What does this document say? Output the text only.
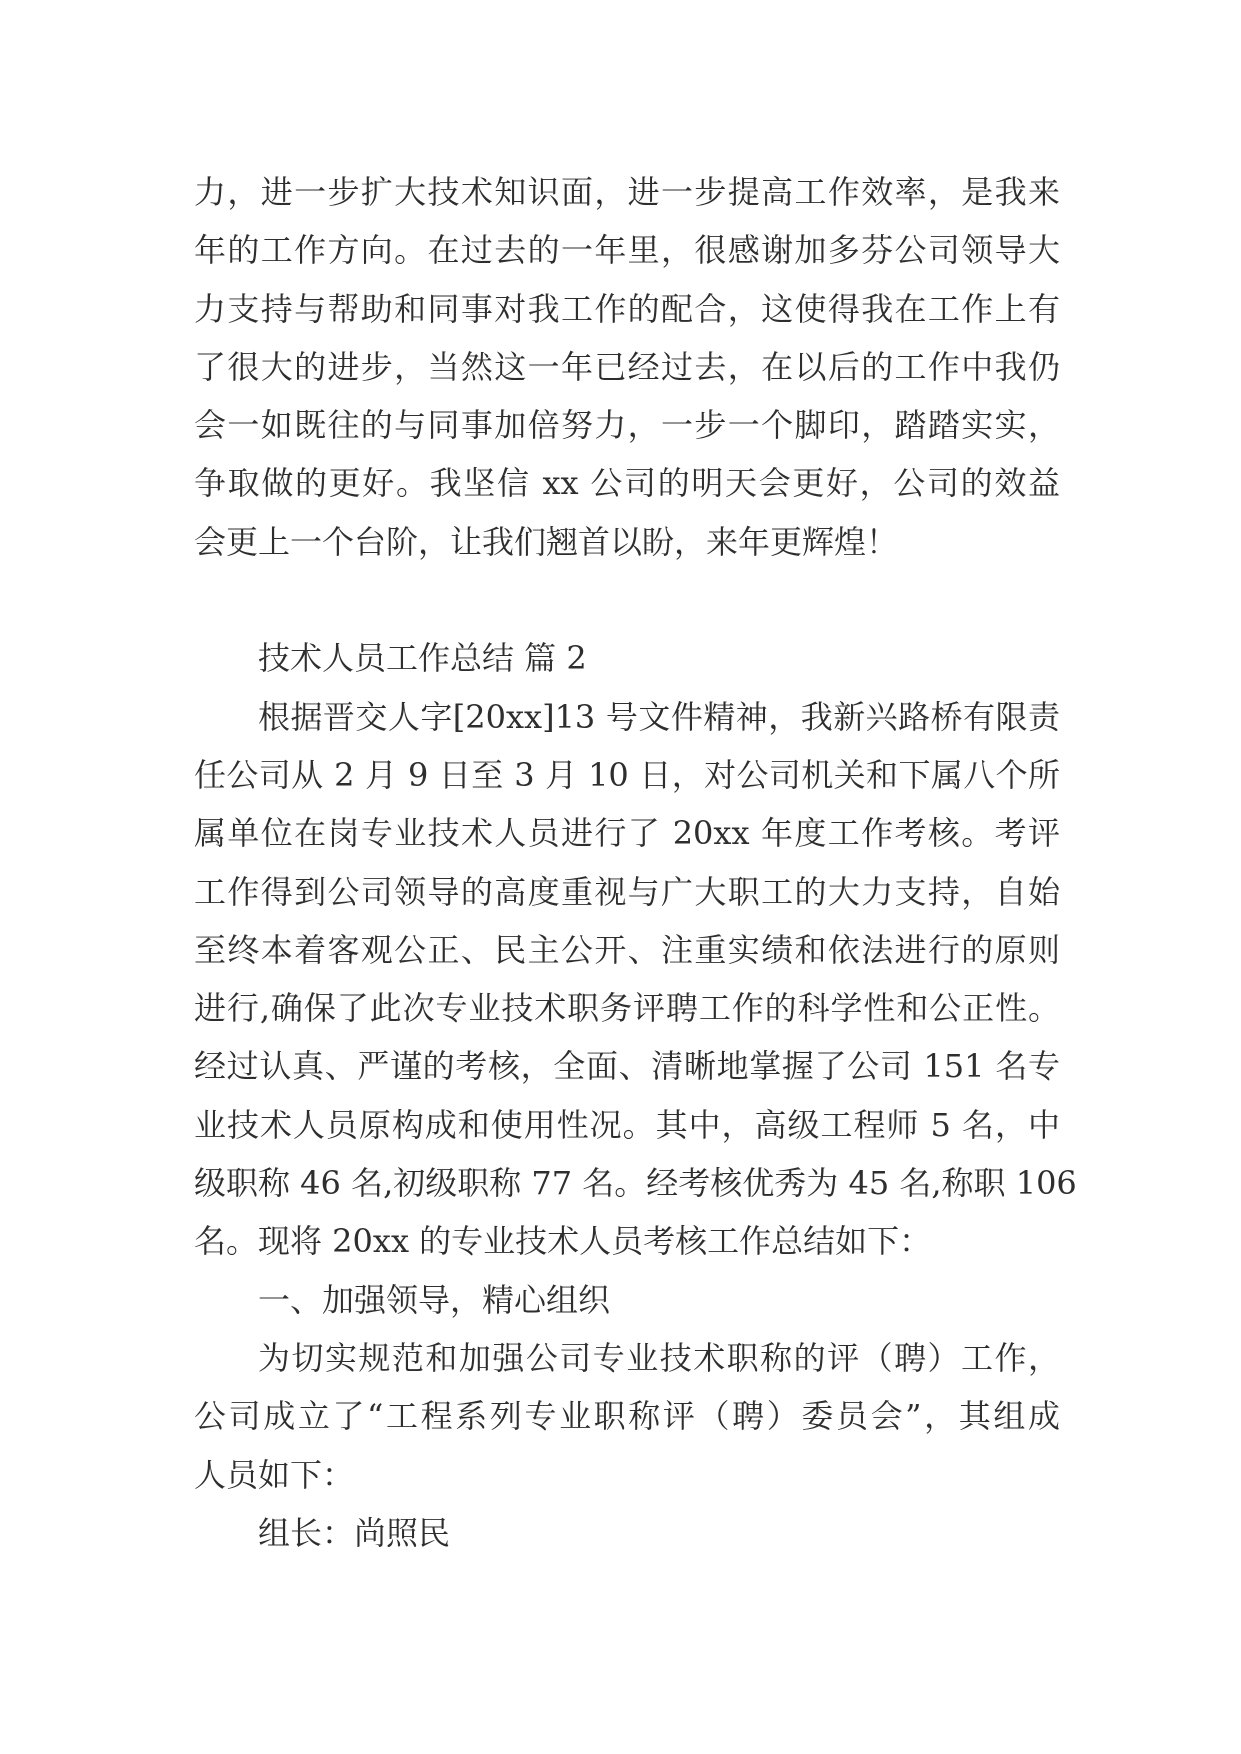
力，进一步扩大技术知识面，进一步提高工作效率，是我来
年的工作方向。在过去的一年里，很感谢加多芬公司领导大
力支持与帮助和同事对我工作的配合，这使得我在工作上有
了很大的进步，当然这一年已经过去，在以后的工作中我仍
会一如既往的与同事加倍努力，一步一个脚印，踏踏实实，
争取做的更好。我坚信 xx 公司的明天会更好，公司的效益
会更上一个台阶，让我们翘首以盼，来年更辉煌！
技术人员工作总结 篇 2
根据晋交人字[20xx]13 号文件精神，我新兴路桥有限责
任公司从 2 月 9 日至 3 月 10 日，对公司机关和下属八个所
属单位在岗专业技术人员进行了 20xx 年度工作考核。考评
工作得到公司领导的高度重视与广大职工的大力支持，自始
至终本着客观公正、民主公开、注重实绩和依法进行的原则
进行,确保了此次专业技术职务评聘工作的科学性和公正性。
经过认真、严谨的考核，全面、清晰地掌握了公司 151 名专
业技术人员原构成和使用性况。其中，高级工程师 5 名，中
级职称 46 名,初级职称 77 名。经考核优秀为 45 名,称职 106
名。现将 20xx 的专业技术人员考核工作总结如下：
一、加强领导，精心组织
为切实规范和加强公司专业技术职称的评（聘）工作，
公司成立了“工程系列专业职称评（聘）委员会”，其组成
人员如下：
组长：尚照民
